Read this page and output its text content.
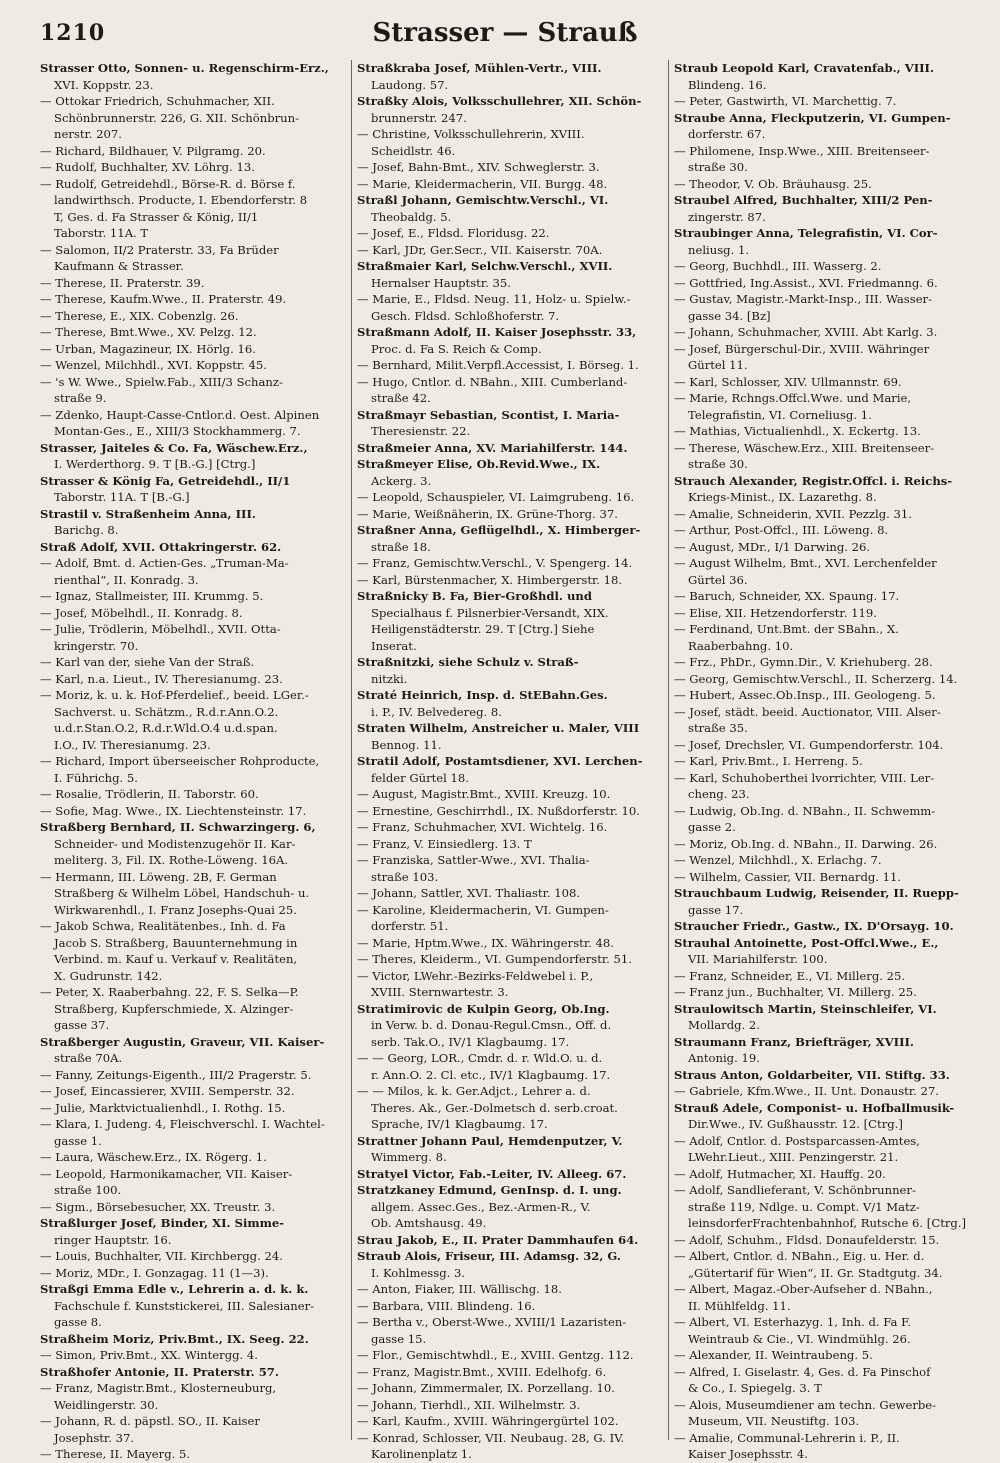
1210	Strasser — Strauß
Strasser Otto, Sonnen- u. Regenschirm-Erz.,
XVI. Koppstr. 23.
— Ottokar Friedrich, Schuhmacher, XII.
Schönbrunnerstr. 226, G. XII. Schönbrun-
nerstr. 207.
— Richard, Bildhauer, V. Pilgramg. 20.
— Rudolf, Buchhalter, XV. Löhrg. 13.
— Rudolf, Getreidehdl., Börse-R. d. Börse f.
landwirthsch. Producte, I. Ebendorferstr. 8
T, Ges. d. Fa Strasser & König, II/1
Taborstr. 11A. T
— Salomon, II/2 Praterstr. 33, Fa Brüder
Kaufmann & Strasser.
— Therese, II. Praterstr. 39.
— Therese, Kaufm.Wwe., II. Praterstr. 49.
— Therese, E., XIX. Cobenzlg. 26.
— Therese, Bmt.Wwe., XV. Pelzg. 12.
— Urban, Magazineur, IX. Hörlg. 16.
— Wenzel, Milchhdl., XVI. Koppstr. 45.
— 's W. Wwe., Spielw.Fab., XIII/3 Schanz-
straße 9.
— Zdenko, Haupt-Casse-Cntlor.d. Oest. Alpinen
Montan-Ges., E., XIII/3 Stockhammerg. 7.
Strasser, Jaiteles & Co. Fa, Wäschew.Erz.,
I. Werderthorg. 9. T [B.-G.] [Ctrg.]
Strasser & König Fa, Getreidehdl., II/1
Taborstr. 11A. T [B.-G.]
Strastil v. Straßenheim Anna, III.
Barichg. 8.
Straß Adolf, XVII. Ottakringerstr. 62.
— Adolf, Bmt. d. Actien-Ges. „Truman-Ma-
rienthal“, II. Konradg. 3.
— Ignaz, Stallmeister, III. Krummg. 5.
— Josef, Möbelhdl., II. Konradg. 8.
— Julie, Trödlerin, Möbelhdl., XVII. Otta-
kringerstr. 70.
— Karl van der, siehe Van der Straß.
— Karl, n.a. Lieut., IV. Theresianumg. 23.
— Moriz, k. u. k. Hof-Pferdelief., beeid. LGer.-
Sachverst. u. Schätzm., R.d.r.Ann.O.2.
u.d.r.Stan.O.2, R.d.r.Wld.O.4 u.d.span.
I.O., IV. Theresianumg. 23.
— Richard, Import überseeischer Rohproducte,
I. Führichg. 5.
— Rosalie, Trödlerin, II. Taborstr. 60.
— Sofie, Mag. Wwe., IX. Liechtensteinstr. 17.
Straßberg Bernhard, II. Schwarzingerg. 6,
Schneider- und Modistenzugehör II. Kar-
meliterg. 3, Fil. IX. Rothe-Löweng. 16A.
— Hermann, III. Löweng. 2B, F. German
Straßberg & Wilhelm Löbel, Handschuh- u.
Wirkwarenhdl., I. Franz Josephs-Quai 25.
— Jakob Schwa, Realitätenbes., Inh. d. Fa
Jacob S. Straßberg, Bauunternehmung in
Verbind. m. Kauf u. Verkauf v. Realitäten,
X. Gudrunstr. 142.
— Peter, X. Raaberbahng. 22, F. S. Selka—P.
Straßberg, Kupferschmiede, X. Alzinger-
gasse 37.
Straßberger Augustin, Graveur, VII. Kaiser-
straße 70A.
— Fanny, Zeitungs-Eigenth., III/2 Pragerstr. 5.
— Josef, Eincassierer, XVIII. Semperstr. 32.
— Julie, Marktvictualienhdl., I. Rothg. 15.
— Klara, I. Judeng. 4, Fleischverschl. I. Wachtel-
gasse 1.
— Laura, Wäschew.Erz., IX. Rögerg. 1.
— Leopold, Harmonikamacher, VII. Kaiser-
straße 100.
— Sigm., Börsebesucher, XX. Treustr. 3.
Straßlurger Josef, Binder, XI. Simme-
ringer Hauptstr. 16.
— Louis, Buchhalter, VII. Kirchbergg. 24.
— Moriz, MDr., I. Gonzagag. 11 (1—3).
Straßgi Emma Edle v., Lehrerin a. d. k. k.
Fachschule f. Kunststickerei, III. Salesianer-
gasse 8.
Straßheim Moriz, Priv.Bmt., IX. Seeg. 22.
— Simon, Priv.Bmt., XX. Wintergg. 4.
Straßhofer Antonie, II. Praterstr. 57.
— Franz, Magistr.Bmt., Klosterneuburg,
Weidlingerstr. 30.
— Johann, R. d. päpstl. SO., II. Kaiser
Josephstr. 37.
— Therese, II. Mayerg. 5.
Straßkraba Josef, Mühlen-Vertr., VIII.
Laudong. 57.
Straßky Alois, Volksschullehrer, XII. Schön-
brunnerstr. 247.
— Christine, Volksschullehrerin, XVIII.
Scheidlstr. 46.
— Josef, Bahn-Bmt., XIV. Schweglerstr. 3.
— Marie, Kleidermacherin, VII. Burgg. 48.
Straßl Johann, Gemischtw.Verschl., VI.
Theobaldg. 5.
— Josef, E., Fldsd. Floridusg. 22.
— Karl, JDr, Ger.Secr., VII. Kaiserstr. 70A.
Straßmaier Karl, Selchw.Verschl., XVII.
Hernalser Hauptstr. 35.
— Marie, E., Fldsd. Neug. 11, Holz- u. Spielw.-
Gesch. Fldsd. Schloßhoferstr. 7.
Straßmann Adolf, II. Kaiser Josephsstr. 33,
Proc. d. Fa S. Reich & Comp.
— Bernhard, Milit.Verpfl.Accessist, I. Börseg. 1.
— Hugo, Cntlor. d. NBahn., XIII. Cumberland-
straße 42.
Straßmayr Sebastian, Scontist, I. Maria-
Theresienstr. 22.
Straßmeier Anna, XV. Mariahilferstr. 144.
Straßmeyer Elise, Ob.Revid.Wwe., IX.
Ackerg. 3.
— Leopold, Schauspieler, VI. Laimgrubeng. 16.
— Marie, Weißnäherin, IX. Grüne-Thorg. 37.
Straßner Anna, Geflügelhdl., X. Himberger-
straße 18.
— Franz, Gemischtw.Verschl., V. Spengerg. 14.
— Karl, Bürstenmacher, X. Himbergerstr. 18.
Straßnicky B. Fa, Bier-Großhdl. und
Specialhaus f. Pilsnerbier-Versandt, XIX.
Heiligenstädterstr. 29. T [Ctrg.] Siehe
Inserat.
Straßnitzki, siehe Schulz v. Straß-
nitzki.
Straté Heinrich, Insp. d. StEBahn.Ges.
i. P., IV. Belvedereg. 8.
Straten Wilhelm, Anstreicher u. Maler, VIII
Bennog. 11.
Stratil Adolf, Postamtsdiener, XVI. Lerchen-
felder Gürtel 18.
— August, Magistr.Bmt., XVIII. Kreuzg. 10.
— Ernestine, Geschirrhdl., IX. Nußdorferstr. 10.
— Franz, Schuhmacher, XVI. Wichtelg. 16.
— Franz, V. Einsiedlerg. 13. T
— Franziska, Sattler-Wwe., XVI. Thalia-
straße 103.
— Johann, Sattler, XVI. Thaliastr. 108.
— Karoline, Kleidermacherin, VI. Gumpen-
dorferstr. 51.
— Marie, Hptm.Wwe., IX. Währingerstr. 48.
— Theres, Kleiderm., VI. Gumpendorferstr. 51.
— Victor, LWehr.-Bezirks-Feldwebel i. P.,
XVIII. Sternwartestr. 3.
Stratimirovic de Kulpin Georg, Ob.Ing.
in Verw. b. d. Donau-Regul.Cmsn., Off. d.
serb. Tak.O., IV/1 Klagbaumg. 17.
— — Georg, LOR., Cmdr. d. r. Wld.O. u. d.
r. Ann.O. 2. Cl. etc., IV/1 Klagbaumg. 17.
— — Milos, k. k. Ger.Adjct., Lehrer a. d.
Theres. Ak., Ger.-Dolmetsch d. serb.croat.
Sprache, IV/1 Klagbaumg. 17.
Strattner Johann Paul, Hemdenputzer, V.
Wimmerg. 8.
Stratyel Victor, Fab.-Leiter, IV. Alleeg. 67.
Stratzkaney Edmund, GenInsp. d. I. ung.
allgem. Assec.Ges., Bez.-Armen-R., V.
Ob. Amtshausg. 49.
Strau Jakob, E., II. Prater Dammhaufen 64.
Straub Alois, Friseur, III. Adamsg. 32, G.
I. Kohlmessg. 3.
— Anton, Fiaker, III. Wällischg. 18.
— Barbara, VIII. Blindeng. 16.
— Bertha v., Oberst-Wwe., XVIII/1 Lazaristen-
gasse 15.
— Flor., Gemischtwhdl., E., XVIII. Gentzg. 112.
— Franz, Magistr.Bmt., XVIII. Edelhofg. 6.
— Johann, Zimmermaler, IX. Porzellang. 10.
— Johann, Tierhdl., XII. Wilhelmstr. 3.
— Karl, Kaufm., XVIII. Währingergürtel 102.
— Konrad, Schlosser, VII. Neubaug. 28, G. IV.
Karolinenplatz 1.
Straub Leopold Karl, Cravatenfab., VIII.
Blindeng. 16.
— Peter, Gastwirth, VI. Marchettig. 7.
Straube Anna, Fleckputzerin, VI. Gumpen-
dorferstr. 67.
— Philomene, Insp.Wwe., XIII. Breitenseer-
straße 30.
— Theodor, V. Ob. Bräuhausg. 25.
Straubel Alfred, Buchhalter, XIII/2 Pen-
zingerstr. 87.
Straubinger Anna, Telegrafistin, VI. Cor-
neliusg. 1.
— Georg, Buchhdl., III. Wasserg. 2.
— Gottfried, Ing.Assist., XVI. Friedmanng. 6.
— Gustav, Magistr.-Markt-Insp., III. Wasser-
gasse 34. [Bz]
— Johann, Schuhmacher, XVIII. Abt Karlg. 3.
— Josef, Bürgerschul-Dir., XVIII. Währinger
Gürtel 11.
— Karl, Schlosser, XIV. Ullmannstr. 69.
— Marie, Rchngs.Offcl.Wwe. und Marie,
Telegrafistin, VI. Corneliusg. 1.
— Mathias, Victualienhdl., X. Eckertg. 13.
— Therese, Wäschew.Erz., XIII. Breitenseer-
straße 30.
Strauch Alexander, Registr.Offcl. i. Reichs-
Kriegs-Minist., IX. Lazarethg. 8.
— Amalie, Schneiderin, XVII. Pezzlg. 31.
— Arthur, Post-Offcl., III. Löweng. 8.
— August, MDr., I/1 Darwing. 26.
— August Wilhelm, Bmt., XVI. Lerchenfelder
Gürtel 36.
— Baruch, Schneider, XX. Spaung. 17.
— Elise, XII. Hetzendorferstr. 119.
— Ferdinand, Unt.Bmt. der SBahn., X.
Raaberbahng. 10.
— Frz., PhDr., Gymn.Dir., V. Kriehuberg. 28.
— Georg, Gemischtw.Verschl., II. Scherzerg. 14.
— Hubert, Assec.Ob.Insp., III. Geologeng. 5.
— Josef, städt. beeid. Auctionator, VIII. Alser-
straße 35.
— Josef, Drechsler, VI. Gumpendorferstr. 104.
— Karl, Priv.Bmt., I. Herreng. 5.
— Karl, Schuhoberthei lvorrichter, VIII. Ler-
cheng. 23.
— Ludwig, Ob.Ing. d. NBahn., II. Schwemm-
gasse 2.
— Moriz, Ob.Ing. d. NBahn., II. Darwing. 26.
— Wenzel, Milchhdl., X. Erlachg. 7.
— Wilhelm, Cassier, VII. Bernardg. 11.
Strauchbaum Ludwig, Reisender, II. Ruepp-
gasse 17.
Straucher Friedr., Gastw., IX. D'Orsayg. 10.
Strauhal Antoinette, Post-Offcl.Wwe., E.,
VII. Mariahilferstr. 100.
— Franz, Schneider, E., VI. Millerg. 25.
— Franz jun., Buchhalter, VI. Millerg. 25.
Straulowitsch Martin, Steinschleifer, VI.
Mollardg. 2.
Straumann Franz, Briefträger, XVIII.
Antonig. 19.
Straus Anton, Goldarbeiter, VII. Stiftg. 33.
— Gabriele, Kfm.Wwe., II. Unt. Donaustr. 27.
Strauß Adele, Componist- u. Hofballmusik-
Dir.Wwe., IV. Gußhausstr. 12. [Ctrg.]
— Adolf, Cntlor. d. Postsparcassen-Amtes,
LWehr.Lieut., XIII. Penzingerstr. 21.
— Adolf, Hutmacher, XI. Hauffg. 20.
— Adolf, Sandlieferant, V. Schönbrunner-
straße 119, Ndlge. u. Compt. V/1 Matz-
leinsdorferFrachtenbahnhof, Rutsche 6. [Ctrg.]
— Adolf, Schuhm., Fldsd. Donaufelderstr. 15.
— Albert, Cntlor. d. NBahn., Eig. u. Her. d.
„Gütertarif für Wien“, II. Gr. Stadtgutg. 34.
— Albert, Magaz.-Ober-Aufseher d. NBahn.,
II. Mühlfeldg. 11.
— Albert, VI. Esterhazyg. 1, Inh. d. Fa F.
Weintraub & Cie., VI. Windmühlg. 26.
— Alexander, II. Weintraubeng. 5.
— Alfred, I. Giselastr. 4, Ges. d. Fa Pinschof
& Co., I. Spiegelg. 3. T
— Alois, Museumdiener am techn. Gewerbe-
Museum, VII. Neustiftg. 103.
— Amalie, Communal-Lehrerin i. P., II.
Kaiser Josephsstr. 4.
